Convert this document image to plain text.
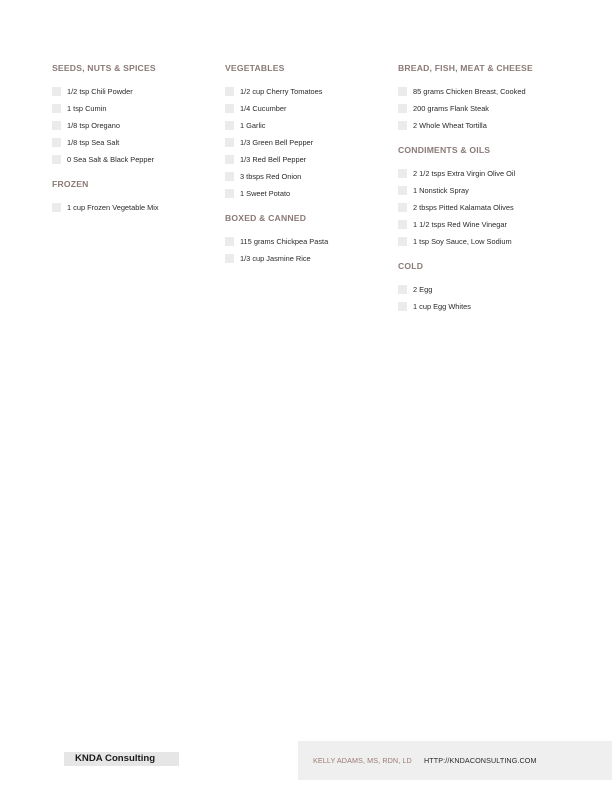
SEEDS, NUTS & SPICES
1/2 tsp Chili Powder
1 tsp Cumin
1/8 tsp Oregano
1/8 tsp Sea Salt
0 Sea Salt & Black Pepper
FROZEN
1 cup Frozen Vegetable Mix
VEGETABLES
1/2 cup Cherry Tomatoes
1/4 Cucumber
1 Garlic
1/3 Green Bell Pepper
1/3 Red Bell Pepper
3 tbsps Red Onion
1 Sweet Potato
BOXED & CANNED
115 grams Chickpea Pasta
1/3 cup Jasmine Rice
BREAD, FISH, MEAT & CHEESE
85 grams Chicken Breast, Cooked
200 grams Flank Steak
2 Whole Wheat Tortilla
CONDIMENTS & OILS
2 1/2 tsps Extra Virgin Olive Oil
1 Nonstick Spray
2 tbsps Pitted Kalamata Olives
1 1/2 tsps Red Wine Vinegar
1 tsp Soy Sauce, Low Sodium
COLD
2 Egg
1 cup Egg Whites
KNDA Consulting	KELLY ADAMS, MS, RDN, LD HTTP://KNDACONSULTING.COM
